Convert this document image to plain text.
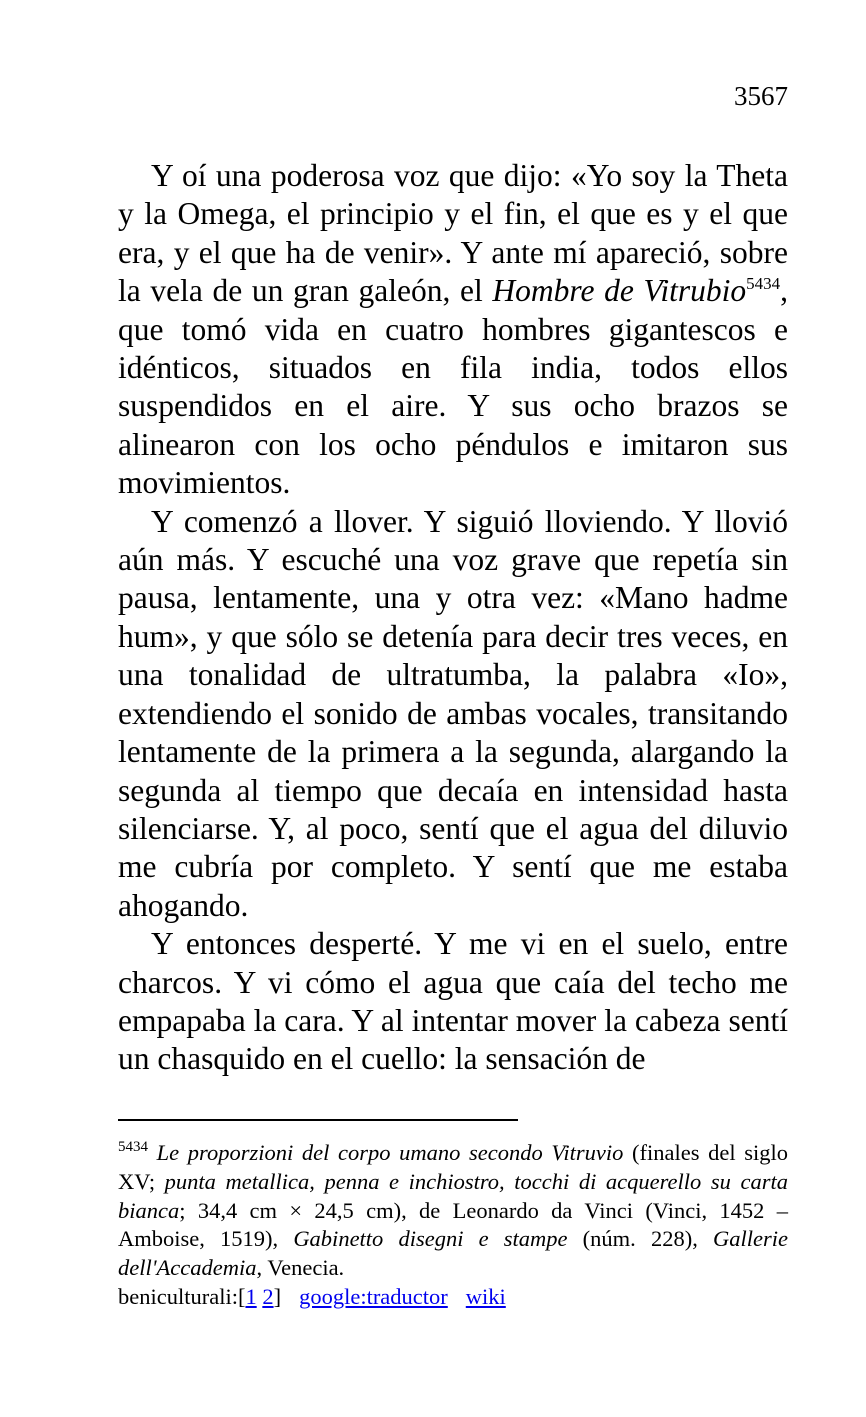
3567

Y oí una poderosa voz que dijo: «Yo soy la Theta y la Omega, el principio y el fin, el que es y el que era, y el que ha de venir». Y ante mí apareció, sobre la vela de un gran galeón, el Hombre de Vitrubio$^{5434}$, que tomó vida en cuatro hombres gigantescos e idénticos, situados en fila india, todos ellos suspendidos en el aire. Y sus ocho brazos se alinearon con los ocho péndulos e imitaron sus movimientos.

Y comenzó a llover. Y siguió lloviendo. Y llovió aún más. Y escuché una voz grave que repetía sin pausa, lentamente, una y otra vez: «Mano hadme hum», y que sólo se detenía para decir tres veces, en una tonalidad de ultratumba, la palabra «Io», extendiendo el sonido de ambas vocales, transitando lentamente de la primera a la segunda, alargando la segunda al tiempo que decaía en intensidad hasta silenciarse. Y, al poco, sentí que el agua del diluvio me cubría por completo. Y sentí que me estaba ahogando.

Y entonces desperté. Y me vi en el suelo, entre charcos. Y vi cómo el agua que caía del techo me empapaba la cara. Y al intentar mover la cabeza sentí un chasquido en el cuello: la sensación de

$^{5434}$ Le proporzioni del corpo umano secondo Vitruvio (finales del siglo XV; punta metallica, penna e inchiostro, tocchi di acquerello su carta bianca; 34,4 cm × 24,5 cm), de Leonardo da Vinci (Vinci, 1452 – Amboise, 1519), Gabinetto disegni e stampe (núm. 228), Gallerie dell'Accademia, Venecia.

beniculturali:[1 2] google:traductor wiki
